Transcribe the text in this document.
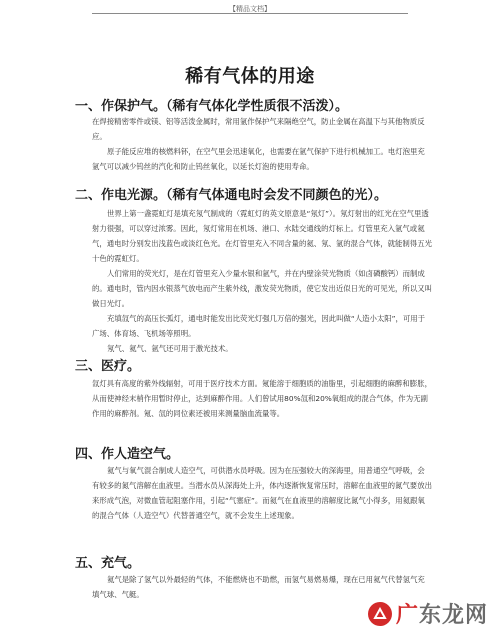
【精品文档】
稀有气体的用途
一、作保护气。（稀有气体化学性质很不活泼）。
在焊接精密零件或镁、铝等活泼金属时，常用氩作保护气来隔绝空气，防止金属在高温下与其他物质反应。
原子能反应堆的核燃料钚，在空气里会迅速氧化，也需要在氩气保护下进行机械加工。电灯泡里充氩气可以减少钨丝的汽化和防止钨丝氧化，以延长灯泡的使用寿命。
二、作电光源。（稀有气体通电时会发不同颜色的光）。
世界上第一盏霓虹灯是填充氖气制成的（霓虹灯的英文原意是“氖灯”）。氖灯射出的红光在空气里透射力很强，可以穿过浓雾。因此，氖灯常用在机场、港口、水陆交通线的灯标上。灯管里充入氩气或氦气，通电时分别发出浅蓝色或淡红色光。在灯管里充入不同含量的氦、氖、氩的混合气体，就能制得五光十色的霓虹灯。
人们常用的荧光灯，是在灯管里充入少量水银和氩气，并在内壁涂荧光物质（如卤磷酸钙）而制成的。通电时，管内因水银蒸气放电而产生紫外线，激发荧光物质，使它发出近似日光的可见光，所以又叫做日光灯。
充填氙气的高压长弧灯，通电时能发出比荧光灯强几万倍的强光，因此叫做“人造小太阳”，可用于广场、体育场、飞机场等照明。
氖气、氦气、氩气还可用于激光技术。
三、医疗。
氙灯具有高度的紫外线辐射，可用于医疗技术方面。氪能溶于细胞质的油脂里，引起细胞的麻醉和膨胀，从而使神经末梢作用暂时停止，达到麻醉作用。人们曾试用80%氙和20%氧组成的混合气体，作为无副作用的麻醉剂。氪、氙的同位素还被用来测量脑血流量等。
四、作人造空气。
氦气与氧气混合制成人造空气，可供潜水员呼吸。因为在压强较大的深海里，用普通空气呼吸，会有较多的氮气溶解在血液里。当潜水员从深海处上升，体内逐渐恢复常压时，溶解在血液里的氮气要放出来形成气泡，对微血管起阻塞作用，引起“气塞症”。而氦气在血液里的溶解度比氮气小得多，用氦跟氧的混合气体（人造空气）代替普通空气，就不会发生上述现象。
五、充气。
氦气是除了氢气以外最轻的气体，不能燃烧也不助燃，而氢气易燃易爆，现在已用氦气代替氢气充填气球、气艇。
广东龙网
